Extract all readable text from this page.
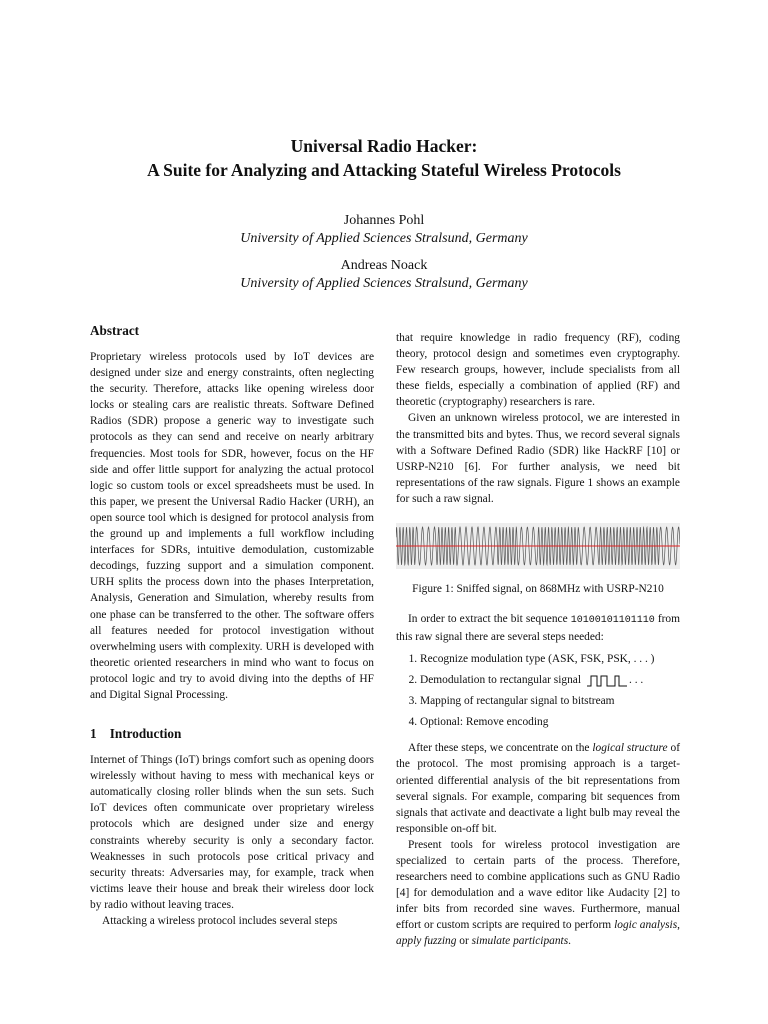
Universal Radio Hacker:
A Suite for Analyzing and Attacking Stateful Wireless Protocols
Johannes Pohl
University of Applied Sciences Stralsund, Germany
Andreas Noack
University of Applied Sciences Stralsund, Germany
Abstract

Proprietary wireless protocols used by IoT devices are designed under size and energy constraints, often neglecting the security. Therefore, attacks like opening wireless door locks or stealing cars are realistic threats. Software Defined Radios (SDR) propose a generic way to investigate such protocols as they can send and receive on nearly arbitrary frequencies. Most tools for SDR, however, focus on the HF side and offer little support for analyzing the actual protocol logic so custom tools or excel spreadsheets must be used. In this paper, we present the Universal Radio Hacker (URH), an open source tool which is designed for protocol analysis from the ground up and implements a full workflow including interfaces for SDRs, intuitive demodulation, customizable decodings, fuzzing support and a simulation component. URH splits the process down into the phases Interpretation, Analysis, Generation and Simulation, whereby results from one phase can be transferred to the other. The software offers all features needed for protocol investigation without overwhelming users with complexity. URH is developed with theoretic oriented researchers in mind who want to focus on protocol logic and try to avoid diving into the depths of HF and Digital Signal Processing.

1 Introduction

Internet of Things (IoT) brings comfort such as opening doors wirelessly without having to mess with mechanical keys or automatically closing roller blinds when the sun sets. Such IoT devices often communicate over proprietary wireless protocols which are designed under size and energy constraints whereby security is only a secondary factor. Weaknesses in such protocols pose critical privacy and security threats: Adversaries may, for example, track when victims leave their house and break their wireless door lock by radio without leaving traces.

Attacking a wireless protocol includes several steps

that require knowledge in radio frequency (RF), coding theory, protocol design and sometimes even cryptography. Few research groups, however, include specialists from all these fields, especially a combination of applied (RF) and theoretic (cryptography) researchers is rare.

Given an unknown wireless protocol, we are interested in the transmitted bits and bytes. Thus, we record several signals with a Software Defined Radio (SDR) like HackRF [10] or USRP-N210 [6]. For further analysis, we need bit representations of the raw signals. Figure 1 shows an example for such a raw signal.

Figure 1: Sniffed signal, on 868MHz with USRP-N210

In order to extract the bit sequence 10100101101110 from this raw signal there are several steps needed:

1. Recognize modulation type (ASK, FSK, PSK, . . . )
2. Demodulation to rectangular signal	. . .
3. Mapping of rectangular signal to bitstream
4. Optional: Remove encoding

After these steps, we concentrate on the logical structure of the protocol. The most promising approach is a target-oriented differential analysis of the bit representations from several signals. For example, comparing bit sequences from signals that activate and deactivate a light bulb may reveal the responsible on-off bit.

Present tools for wireless protocol investigation are specialized to certain parts of the process. Therefore, researchers need to combine applications such as GNU Radio [4] for demodulation and a wave editor like Audacity [2] to infer bits from recorded sine waves. Furthermore, manual effort or custom scripts are required to perform logic analysis, apply fuzzing or simulate participants.
